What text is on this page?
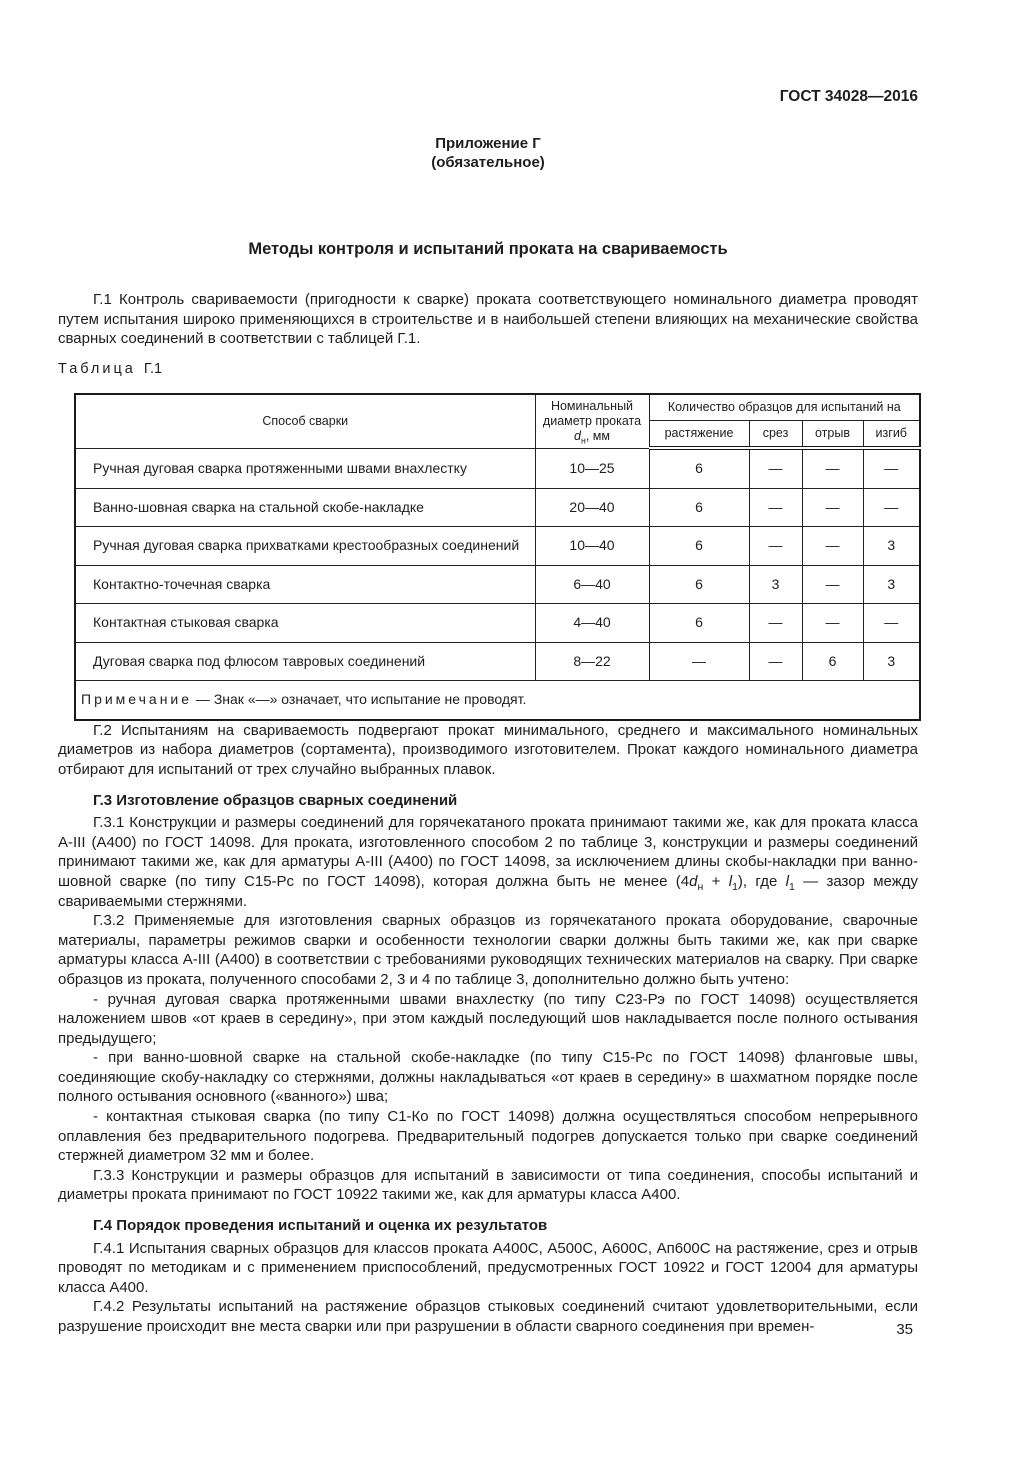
ГОСТ 34028—2016

Приложение Г

(обязательное)

Методы контроля и испытаний проката на свариваемость

Г.1 Контроль свариваемости (пригодности к сварке) проката соответствующего номинального диаметра проводят путем испытания широко применяющихся в строительстве и в наибольшей степени влияющих на механические свойства сварных соединений в соответствии с таблицей Г.1.

Таблица Г.1

Способ сварки	Номинальный диаметр проката $d_н$, мм	Количество образцов для испытаний на			
		растяжение	срез	отрыв	изгиб
Ручная дуговая сварка протяженными швами внахлестку	10—25	6	—	—	—
Ванно-шовная сварка на стальной скобе-накладке	20—40	6	—	—	—
Ручная дуговая сварка прихватками крестообразных соединений	10—40	6	—	—	3
Контактно-точечная сварка	6—40	6	3	—	3
Контактная стыковая сварка	4—40	6	—	—	—
Дуговая сварка под флюсом тавровых соединений	8—22	—	—	6	3
Примечание — Знак «—» означает, что испытание не проводят.					

Г.2 Испытаниям на свариваемость подвергают прокат минимального, среднего и максимального номинальных диаметров из набора диаметров (сортамента), производимого изготовителем. Прокат каждого номинального диаметра отбирают для испытаний от трех случайно выбранных плавок.

Г.3 Изготовление образцов сварных соединений

Г.3.1 Конструкции и размеры соединений для горячекатаного проката принимают такими же, как для проката класса А-III (А400) по ГОСТ 14098. Для проката, изготовленного способом 2 по таблице 3, конструкции и размеры соединений принимают такими же, как для арматуры А-III (А400) по ГОСТ 14098, за исключением длины скобы-накладки при ванно-шовной сварке (по типу С15-Рс по ГОСТ 14098), которая должна быть не менее $(4d_н + l_1)$, где $l_1$ — зазор между свариваемыми стержнями.

Г.3.2 Применяемые для изготовления сварных образцов из горячекатаного проката оборудование, сварочные материалы, параметры режимов сварки и особенности технологии сварки должны быть такими же, как при сварке арматуры класса А-III (А400) в соответствии с требованиями руководящих технических материалов на сварку. При сварке образцов из проката, полученного способами 2, 3 и 4 по таблице 3, дополнительно должно быть учтено:

- ручная дуговая сварка протяженными швами внахлестку (по типу С23-Рэ по ГОСТ 14098) осуществляется наложением швов «от краев в середину», при этом каждый последующий шов накладывается после полного остывания предыдущего;

- при ванно-шовной сварке на стальной скобе-накладке (по типу С15-Рс по ГОСТ 14098) фланговые швы, соединяющие скобу-накладку со стержнями, должны накладываться «от краев в середину» в шахматном порядке после полного остывания основного («ванного») шва;

- контактная стыковая сварка (по типу С1-Ко по ГОСТ 14098) должна осуществляться способом непрерывного оплавления без предварительного подогрева. Предварительный подогрев допускается только при сварке соединений стержней диаметром 32 мм и более.

Г.3.3 Конструкции и размеры образцов для испытаний в зависимости от типа соединения, способы испытаний и диаметры проката принимают по ГОСТ 10922 такими же, как для арматуры класса А400.

Г.4 Порядок проведения испытаний и оценка их результатов

Г.4.1 Испытания сварных образцов для классов проката А400С, А500С, А600С, Ап600С на растяжение, срез и отрыв проводят по методикам и с применением приспособлений, предусмотренных ГОСТ 10922 и ГОСТ 12004 для арматуры класса А400.

Г.4.2 Результаты испытаний на растяжение образцов стыковых соединений считают удовлетворительными, если разрушение происходит вне места сварки или при разрушении в области сварного соединения при времен-	35
